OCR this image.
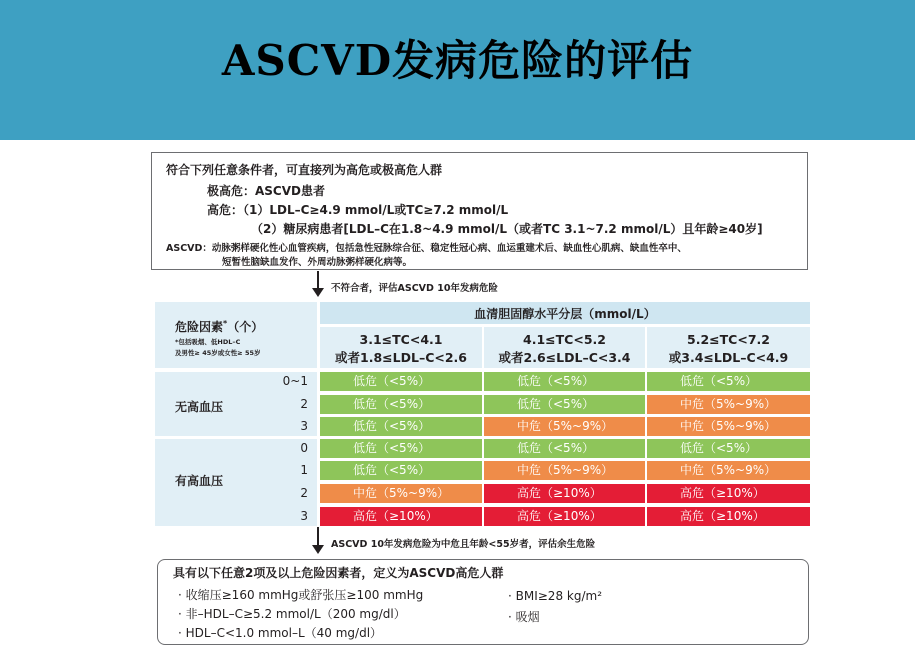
ASCVD发病危险的评估
符合下列任意条件者，可直接列为高危或极高危人群
极高危：ASCVD患者
高危：（1）LDL–C≥4.9 mmol/L或TC≥7.2 mmol/L
（2）糖尿病患者[LDL–C在1.8~4.9 mmol/L（或者TC 3.1~7.2 mmol/L）且年龄≥40岁]
ASCVD：动脉粥样硬化性心血管疾病，包括急性冠脉综合征、稳定性冠心病、血运重建术后、缺血性心肌病、缺血性卒中、
短暂性脑缺血发作、外周动脉粥样硬化病等。
不符合者，评估ASCVD 10年发病危险
危险因素*（个）
*包括吸烟、低HDL–C
及男性≥ 45岁或女性≥ 55岁
血清胆固醇水平分层（mmol/L）
3.1≤TC<4.1
或者1.8≤LDL–C<2.6
4.1≤TC<5.2
或者2.6≤LDL–C<3.4
5.2≤TC<7.2
或3.4≤LDL–C<4.9
无高血压
有高血压
0~1	低危（<5%）	低危（<5%）	低危（<5%）
2	低危（<5%）	低危（<5%）	中危（5%~9%）
3	低危（<5%）	中危（5%~9%）	中危（5%~9%）
0	低危（<5%）	低危（<5%）	低危（<5%）
1	低危（<5%）	中危（5%~9%）	中危（5%~9%）
2	中危（5%~9%）	高危（≥10%）	高危（≥10%）
3	高危（≥10%）	高危（≥10%）	高危（≥10%）
ASCVD 10年发病危险为中危且年龄<55岁者，评估余生危险
具有以下任意2项及以上危险因素者，定义为ASCVD高危人群
· 收缩压≥160 mmHg或舒张压≥100 mmHg
· 非–HDL–C≥5.2 mmol/L（200 mg/dl）
· HDL–C<1.0 mmol–L（40 mg/dl）
· BMI≥28 kg/m²
· 吸烟
